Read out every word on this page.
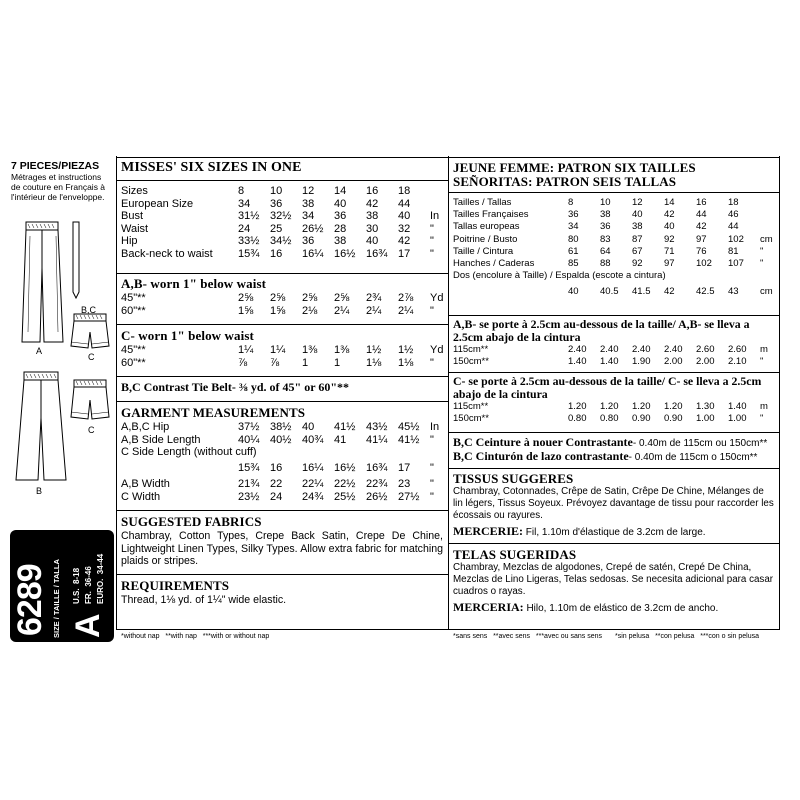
7 PIECES/PIEZAS
Métrages et instructions
de couture en Français à
l'intérieur de l'enveloppe.
A
B,C
C
B
C
6289 A
SIZE / TAILLE / TALLA U.S.  8-18
FR.  36-46
EURO.  34-44
MISSES' SIX SIZES IN ONE
Sizes	8	10	12	14	16	18	
European Size	34	36	38	40	42	44	
Bust	31½	32½	34	36	38	40	In
Waist	24	25	26½	28	30	32	"
Hip	33½	34½	36	38	40	42	"
Back-neck to waist	15¾	16	16¼	16½	16¾	17	"
A,B- worn 1" below waist
45"**	2⅝	2⅝	2⅝	2⅝	2¾	2⅞	Yd
60"**	1⅝	1⅝	2⅛	2¼	2¼	2¼	"
C- worn 1" below waist
45"**	1¼	1¼	1⅜	1⅜	1½	1½	Yd
60"**	⅞	⅞	1	1	1⅛	1⅛	"
B,C Contrast Tie Belt- ⅜ yd. of 45" or 60"**
GARMENT MEASUREMENTS
A,B,C Hip	37½	38½	40	41½	43½	45½	In
A,B Side Length	40¼	40½	40¾	41	41¼	41½	"
C Side Length (without cuff)							
	15¾	16	16¼	16½	16¾	17	"
A,B Width	21¾	22	22¼	22½	22¾	23	"
C Width	23½	24	24¾	25½	26½	27½	"
SUGGESTED FABRICS
Chambray, Cotton Types, Crepe Back Satin, Crepe De Chine, Lightweight Linen Types, Silky Types. Allow extra fabric for matching plaids or stripes.
REQUIREMENTS
Thread, 1⅛ yd. of 1¼" wide elastic.
*without nap   **with nap   ***with or without nap
JEUNE FEMME: PATRON SIX TAILLES
SEÑORITAS: PATRON SEIS TALLAS
Tailles / Tallas	8	10	12	14	16	18	
Tailles Françaises	36	38	40	42	44	46	
Tallas europeas	34	36	38	40	42	44	
Poitrine / Busto	80	83	87	92	97	102	cm
Taille / Cintura	61	64	67	71	76	81	"
Hanches / Caderas	85	88	92	97	102	107	"
Dos (encolure à Taille) / Espalda (escote a cintura)							
	40	40.5	41.5	42	42.5	43	cm
A,B- se porte à 2.5cm au-dessous de la taille/ A,B- se lleva a
2.5cm abajo de la cintura
115cm**	2.40	2.40	2.40	2.40	2.60	2.60	m
150cm**	1.40	1.40	1.90	2.00	2.00	2.10	"
C- se porte à 2.5cm au-dessous de la taille/ C- se lleva a 2.5cm
abajo de la cintura
115cm**	1.20	1.20	1.20	1.20	1.30	1.40	m
150cm**	0.80	0.80	0.90	0.90	1.00	1.00	"
B,C Ceinture à nouer Contrastante- 0.40m de 115cm ou 150cm**
B,C Cinturón de lazo contrastante- 0.40m de 115cm o 150cm**
TISSUS SUGGERES
Chambray, Cotonnades, Crêpe de Satin, Crêpe De Chine, Mélanges de lin légers, Tissus Soyeux. Prévoyez davantage de tissu pour raccorder les écossais ou rayures.
MERCERIE: Fil, 1.10m d'élastique de 3.2cm de large.
TELAS SUGERIDAS
Chambray, Mezclas de algodones, Crepé de satén, Crepé De China, Mezclas de Lino Ligeras, Telas sedosas. Se necesita adicional para casar cuadros o rayas.
MERCERIA: Hilo, 1.10m de elástico de 3.2cm de ancho.
*sans sens   **avec sens   ***avec ou sans sens *sin pelusa   **con pelusa   ***con o sin pelusa
